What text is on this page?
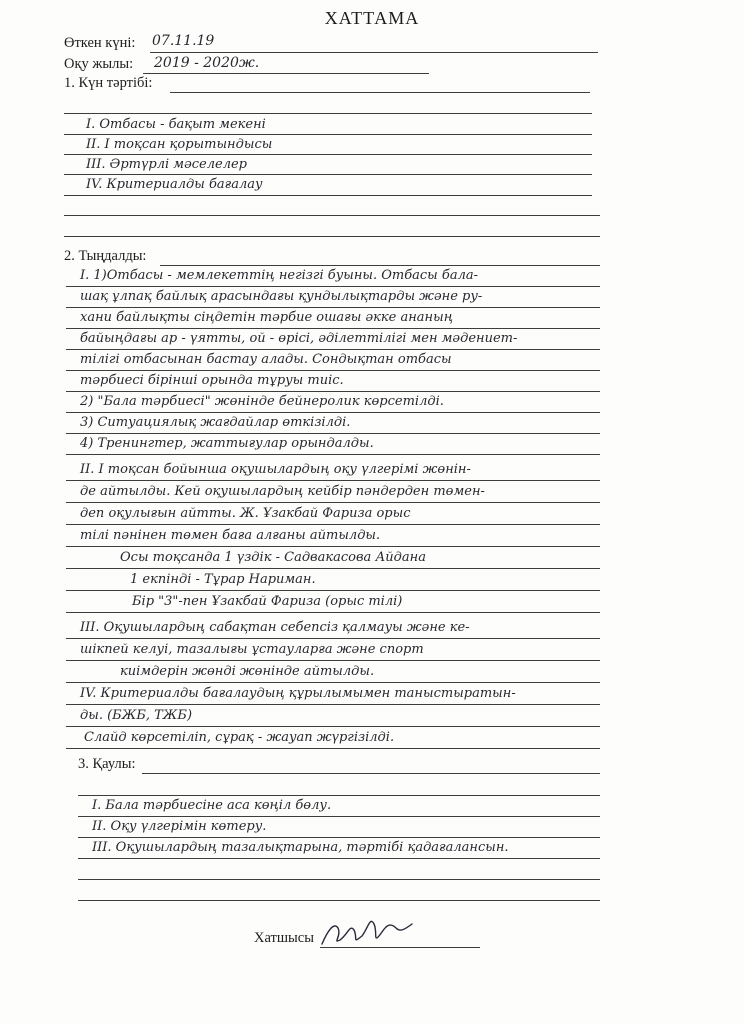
ХАТТАМА
Өткен күні: 07.11.19
Оқу жылы: 2019 - 2020ж.
1. Күн тәртібі:
I. Отбасы - бақыт мекені
II. I тоқсан қорытындысы
III. Әртүрлі мәселелер
IV. Критериалды бағалау
2. Тыңдалды:
I. 1)Отбасы - мемлекеттің негізгі буыны. Отбасы бала-
шақ ұлпақ байлық арасындағы қундылықтарды және ру-
хани байлықты сіңдетін тәрбие ошағы әкке ананың
байыңдағы ар - үятты, ой - өрісі, әділеттілігі мен мәдениет-
тілігі отбасынан бастау алады. Сондықтан отбасы
тәрбиесі бірінші орында тұруы тиіс.
2) "Бала тәрбиесі" жөнінде бейнеролик көрсетілді.
3) Ситуациялық жағдайлар өткізілді.
4) Тренингтер, жаттығулар орындалды.
II. I тоқсан бойынша оқушылардың оқу үлгерімі жөнін-
де айтылды. Кей оқушылардың кейбір пәндерден төмен-
деп оқулығын айтты. Ж. Ұзакбай Фариза орыс
тілі пәнінен төмен баға алғаны айтылды.
Осы тоқсанда 1 үздік - Садвакасова Айдана
1 екпінді - Тұрар Нариман.
Бір "3"-пен Ұзакбай Фариза (орыс тілі)
III. Оқушылардың сабақтан себепсіз қалмауы және ке-
шікпей келуі, тазалығы ұстауларға және спорт
киімдерін жөнді жөнінде айтылды.
IV. Критериалды бағалаудың құрылымымен таныстыратын-
ды. (БЖБ, ТЖБ)
Слайд көрсетіліп, сұрақ - жауап жүргізілді.
3. Қаулы:
I. Бала тәрбиесіне аса көңіл бөлу.
II. Оқу үлгерімін көтеру.
III. Оқушылардың тазалықтарына, тәртібі қадағалансын.
Хатшысы
